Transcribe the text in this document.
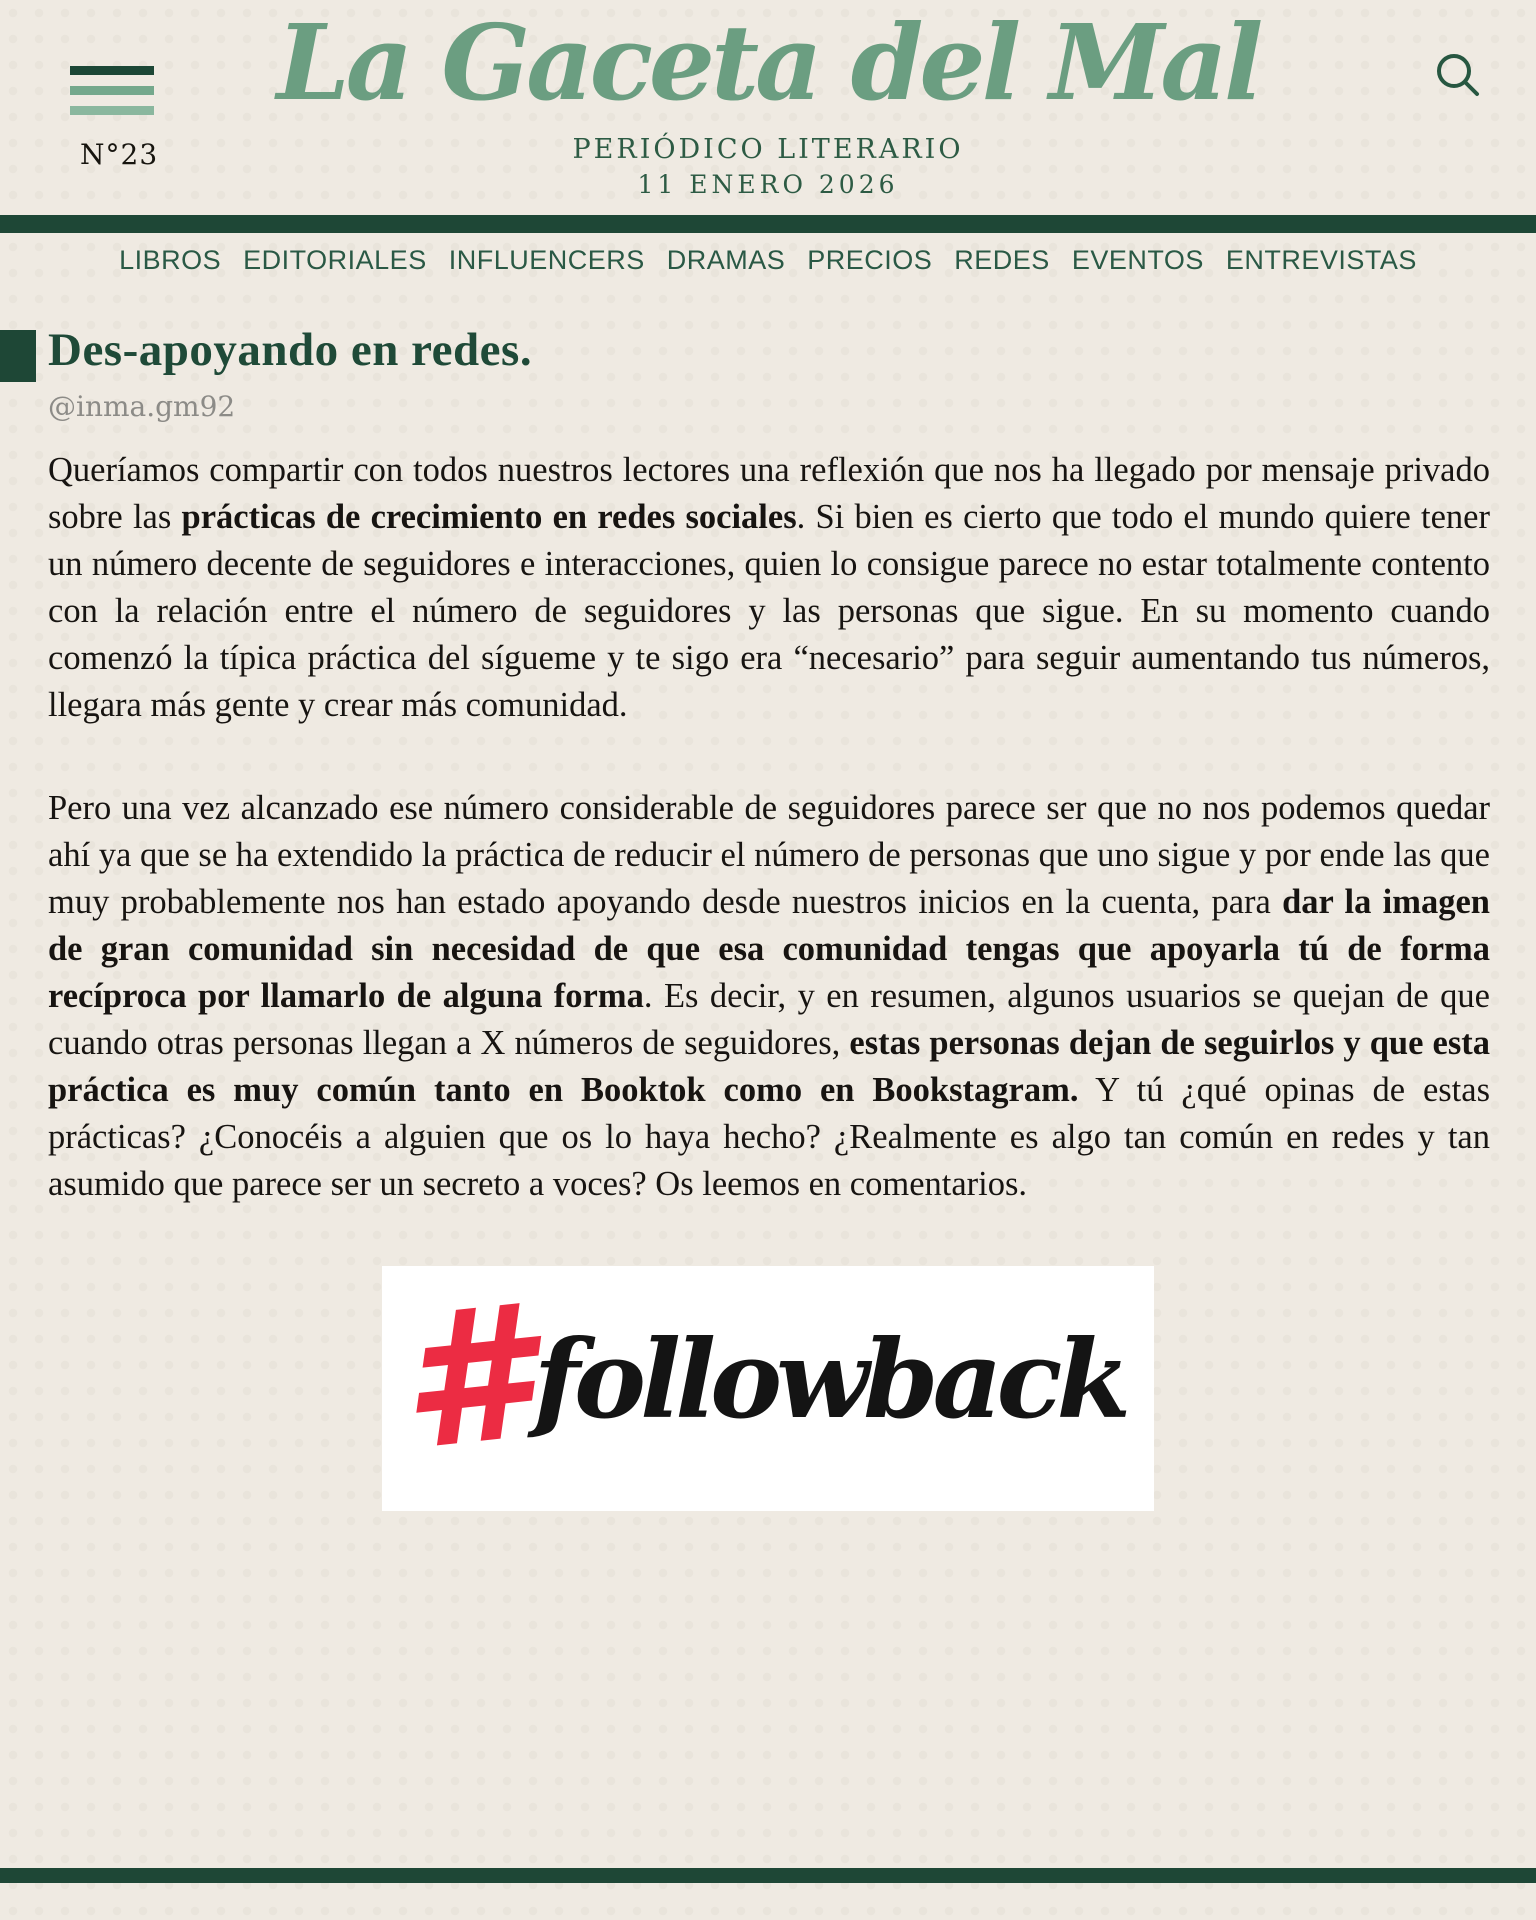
N°23
La Gaceta del Mal
PERIÓDICO LITERARIO
11 ENERO 2026
LIBROS EDITORIALES INFLUENCERS DRAMAS PRECIOS REDES EVENTOS ENTREVISTAS
Des-apoyando en redes.
@inma.gm92

Queríamos compartir con todos nuestros lectores una reflexión que nos ha llegado por mensaje privado sobre las prácticas de crecimiento en redes sociales. Si bien es cierto que todo el mundo quiere tener un número decente de seguidores e interacciones, quien lo consigue parece no estar totalmente contento con la relación entre el número de seguidores y las personas que sigue. En su momento cuando comenzó la típica práctica del sígueme y te sigo era “necesario” para seguir aumentando tus números, llegara más gente y crear más comunidad.

Pero una vez alcanzado ese número considerable de seguidores parece ser que no nos podemos quedar ahí ya que se ha extendido la práctica de reducir el número de personas que uno sigue y por ende las que muy probablemente nos han estado apoyando desde nuestros inicios en la cuenta, para dar la imagen de gran comunidad sin necesidad de que esa comunidad tengas que apoyarla tú de forma recíproca por llamarlo de alguna forma. Es decir, y en resumen, algunos usuarios se quejan de que cuando otras personas llegan a X números de seguidores, estas personas dejan de seguirlos y que esta práctica es muy común tanto en Booktok como en Bookstagram. Y tú ¿qué opinas de estas prácticas? ¿Conocéis a alguien que os lo haya hecho? ¿Realmente es algo tan común en redes y tan asumido que parece ser un secreto a voces? Os leemos en comentarios.

#
followback
